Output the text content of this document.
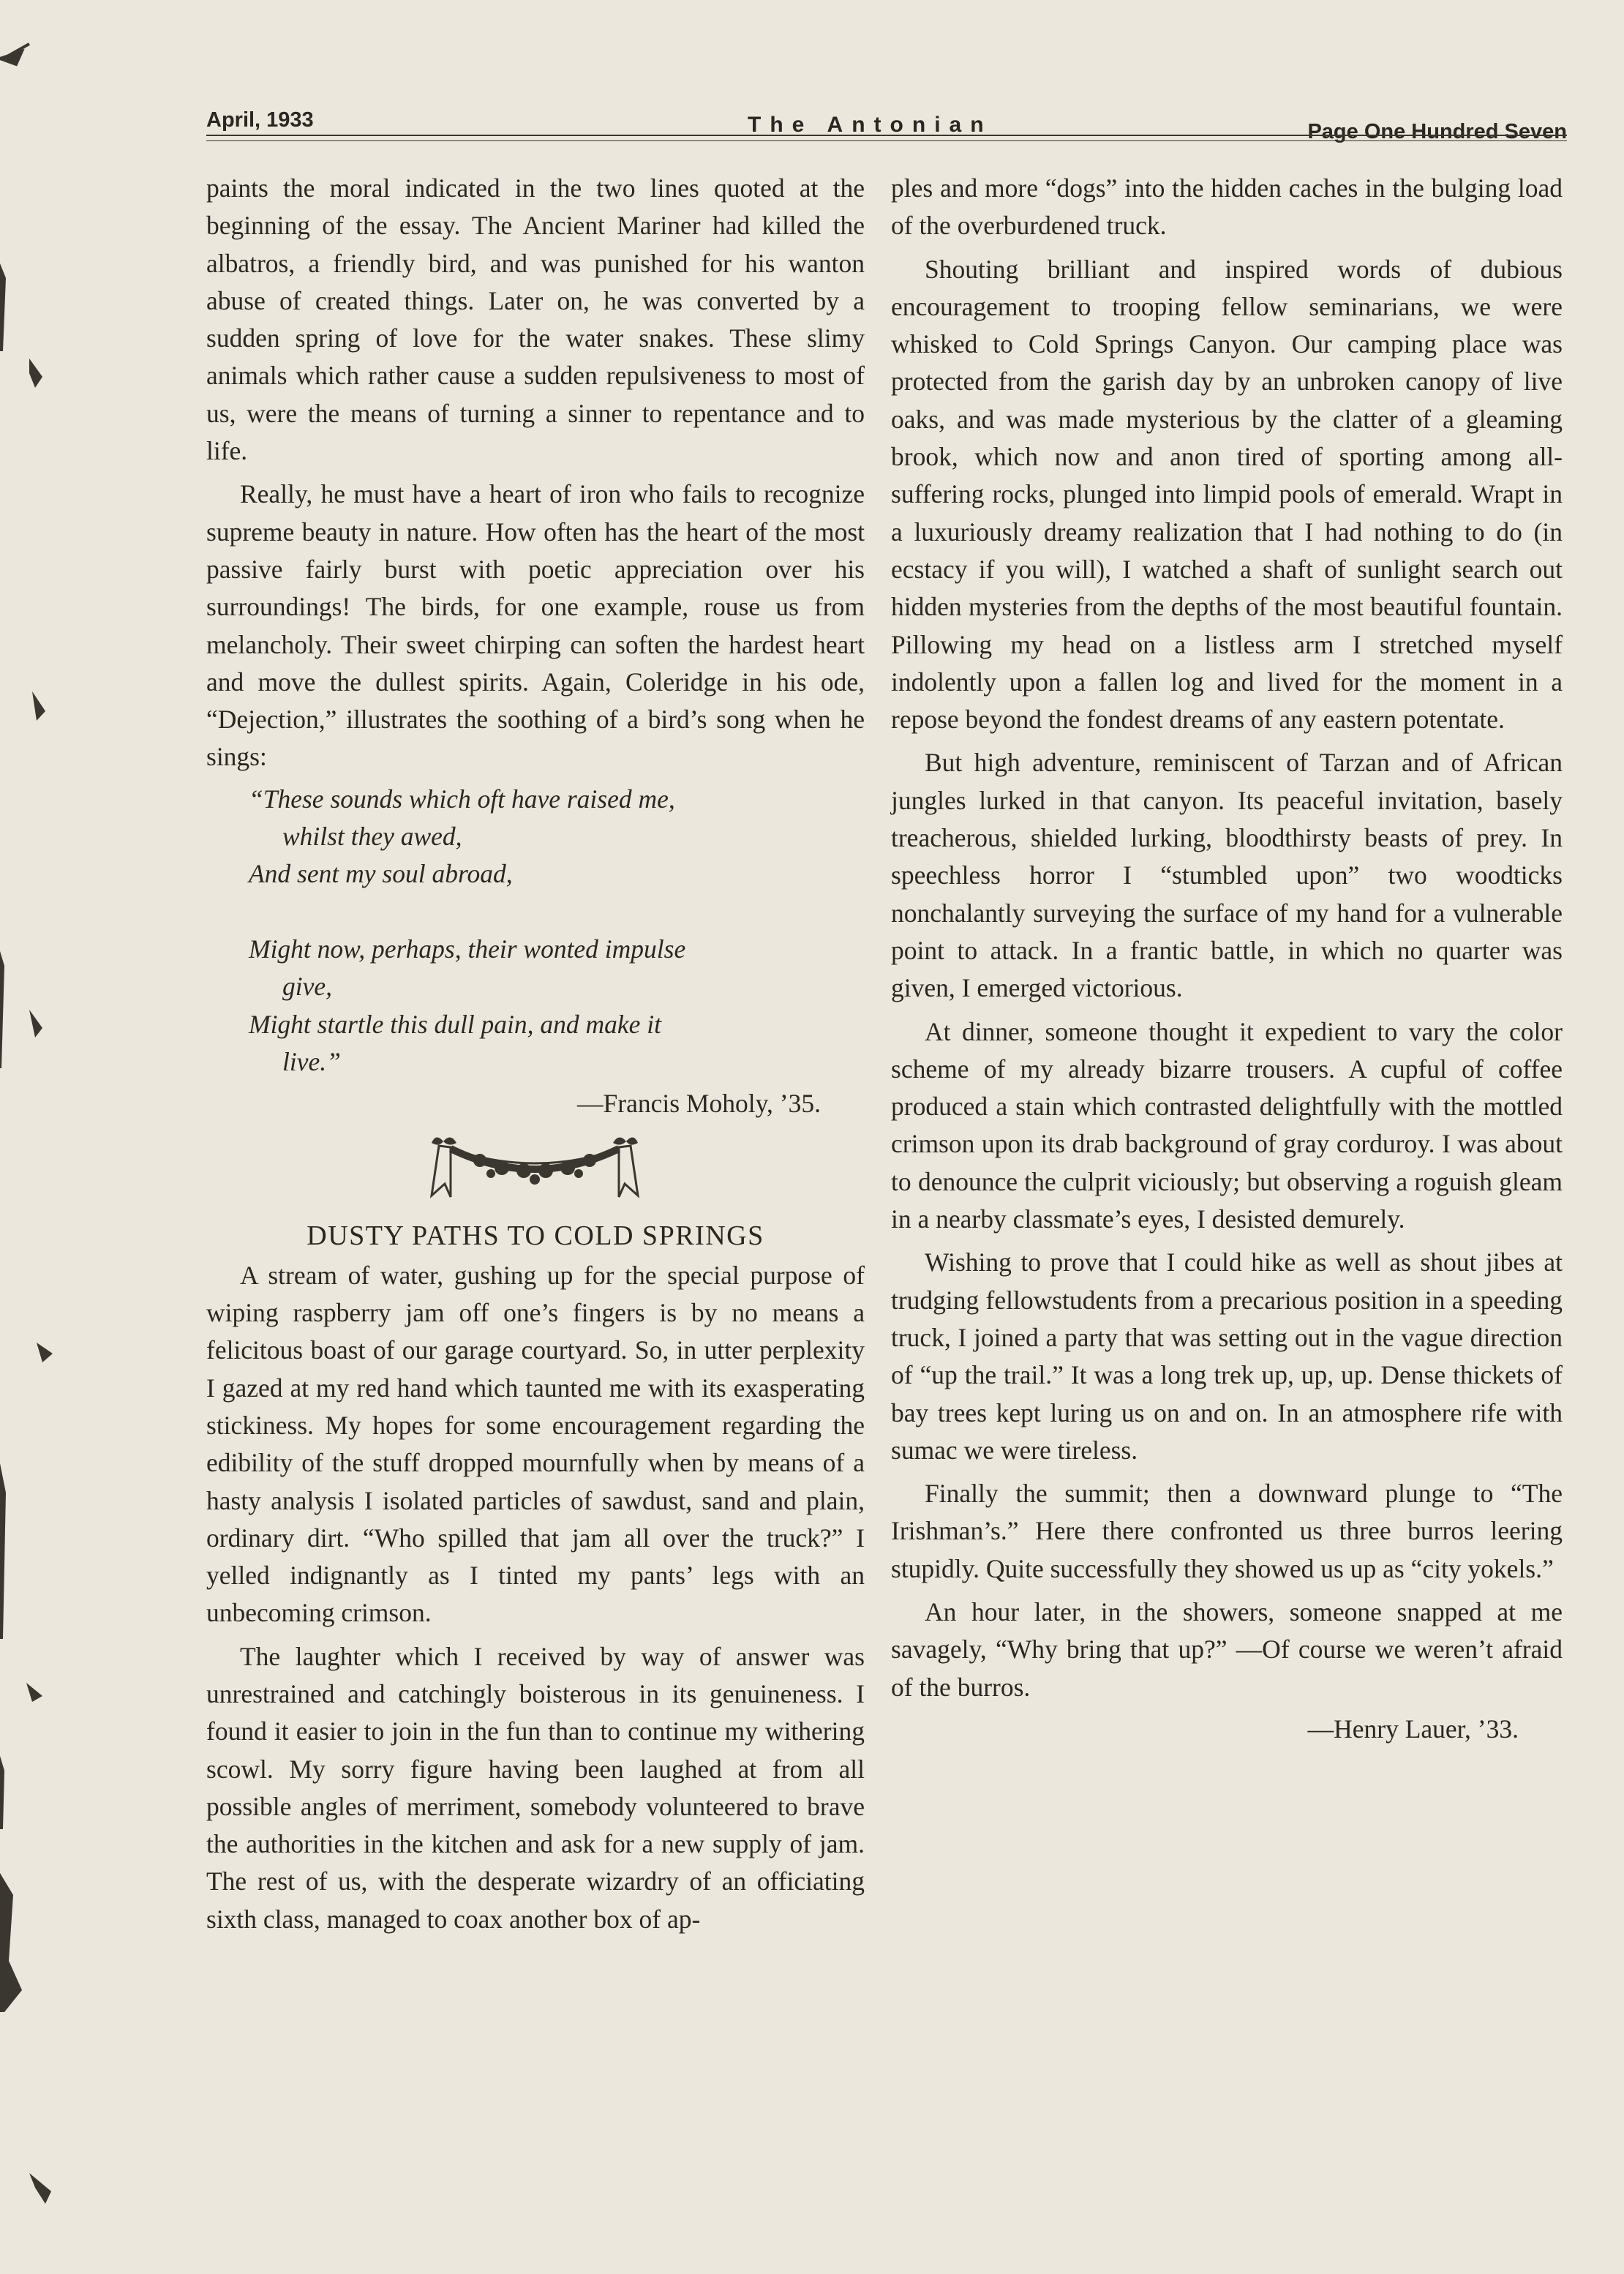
April, 1933	The Antonian	Page One Hundred Seven

paints the moral indicated in the two lines quoted at the beginning of the essay. The Ancient Mariner had killed the albatros, a friendly bird, and was punished for his wanton abuse of created things. Later on, he was converted by a sudden spring of love for the water snakes. These slimy animals which rather cause a sudden repulsiveness to most of us, were the means of turning a sinner to repentance and to life.

Really, he must have a heart of iron who fails to recognize supreme beauty in nature. How often has the heart of the most passive fairly burst with poetic appreciation over his surroundings! The birds, for one example, rouse us from melancholy. Their sweet chirping can soften the hardest heart and move the dullest spirits. Again, Coleridge in his ode, “Dejection,” illustrates the soothing of a bird’s song when he sings:

“These sounds which oft have raised me,
whilst they awed,
And sent my soul abroad,

Might now, perhaps, their wonted impulse
give,
Might startle this dull pain, and make it
live.”

—Francis Moholy, ’35.

DUSTY PATHS TO COLD SPRINGS

A stream of water, gushing up for the special purpose of wiping raspberry jam off one’s fingers is by no means a felicitous boast of our garage courtyard. So, in utter perplexity I gazed at my red hand which taunted me with its exasperating stickiness. My hopes for some encouragement regarding the edibility of the stuff dropped mournfully when by means of a hasty analysis I isolated particles of sawdust, sand and plain, ordinary dirt. “Who spilled that jam all over the truck?” I yelled indignantly as I tinted my pants’ legs with an unbecoming crimson.

The laughter which I received by way of answer was unrestrained and catchingly boisterous in its genuineness. I found it easier to join in the fun than to continue my withering scowl. My sorry figure having been laughed at from all possible angles of merriment, somebody volunteered to brave the authorities in the kitchen and ask for a new supply of jam. The rest of us, with the desperate wizardry of an officiating sixth class, managed to coax another box of ap-

ples and more “dogs” into the hidden caches in the bulging load of the overburdened truck.

Shouting brilliant and inspired words of dubious encouragement to trooping fellow seminarians, we were whisked to Cold Springs Canyon. Our camping place was protected from the garish day by an unbroken canopy of live oaks, and was made mysterious by the clatter of a gleaming brook, which now and anon tired of sporting among all-suffering rocks, plunged into limpid pools of emerald. Wrapt in a luxuriously dreamy realization that I had nothing to do (in ecstacy if you will), I watched a shaft of sunlight search out hidden mysteries from the depths of the most beautiful fountain. Pillowing my head on a listless arm I stretched myself indolently upon a fallen log and lived for the moment in a repose beyond the fondest dreams of any eastern potentate.

But high adventure, reminiscent of Tarzan and of African jungles lurked in that canyon. Its peaceful invitation, basely treacherous, shielded lurking, bloodthirsty beasts of prey. In speechless horror I “stumbled upon” two woodticks nonchalantly surveying the surface of my hand for a vulnerable point to attack. In a frantic battle, in which no quarter was given, I emerged victorious.

At dinner, someone thought it expedient to vary the color scheme of my already bizarre trousers. A cupful of coffee produced a stain which contrasted delightfully with the mottled crimson upon its drab background of gray corduroy. I was about to denounce the culprit viciously; but observing a roguish gleam in a nearby classmate’s eyes, I desisted demurely.

Wishing to prove that I could hike as well as shout jibes at trudging fellowstudents from a precarious position in a speeding truck, I joined a party that was setting out in the vague direction of “up the trail.” It was a long trek up, up, up. Dense thickets of bay trees kept luring us on and on. In an atmosphere rife with sumac we were tireless.

Finally the summit; then a downward plunge to “The Irishman’s.” Here there confronted us three burros leering stupidly. Quite successfully they showed us up as “city yokels.”

An hour later, in the showers, someone snapped at me savagely, “Why bring that up?” —Of course we weren’t afraid of the burros.

—Henry Lauer, ’33.
